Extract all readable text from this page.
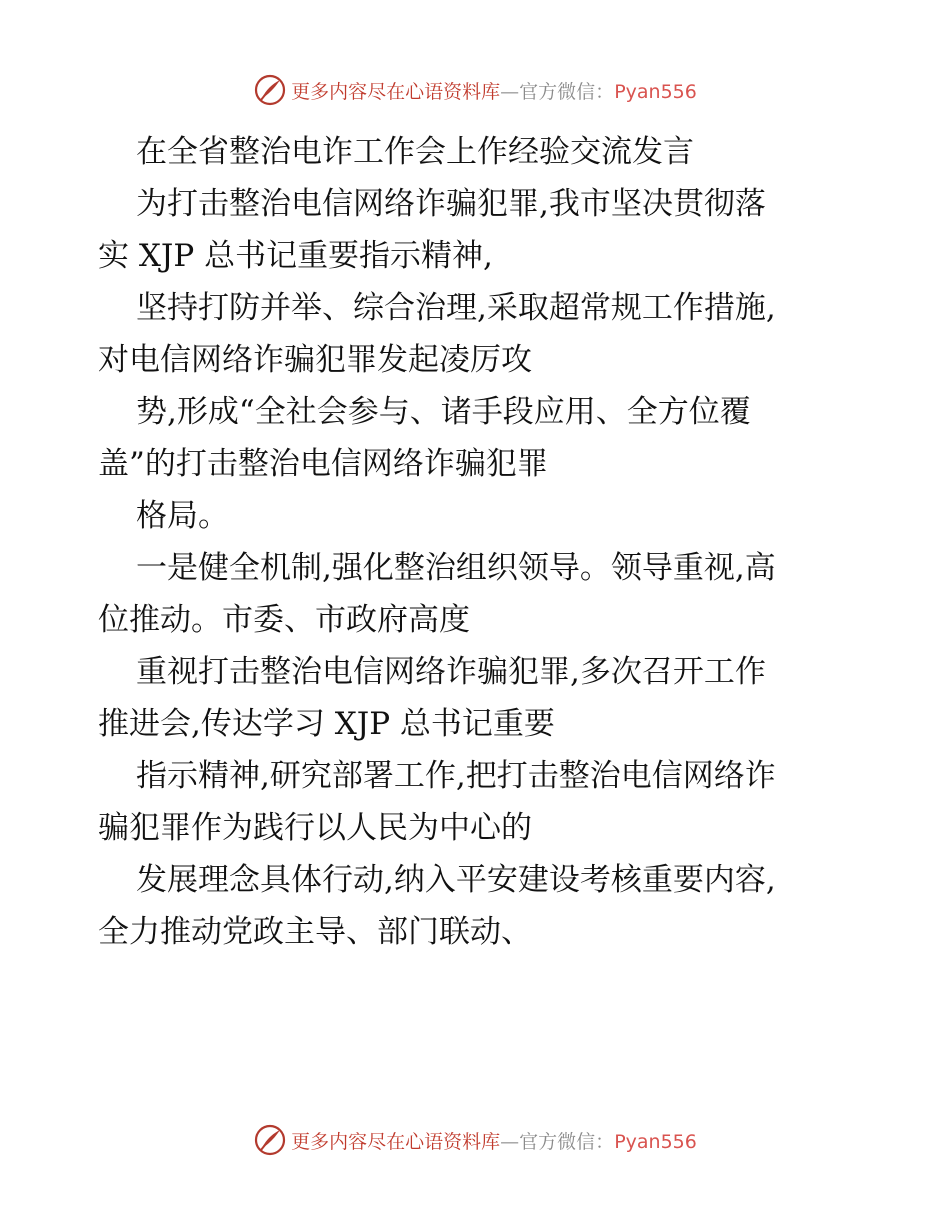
更多内容尽在心语资料库—官方微信：Pyan556
在全省整治电诈工作会上作经验交流发言
为打击整治电信网络诈骗犯罪,我市坚决贯彻落
实 XJP 总书记重要指示精神,
坚持打防并举、综合治理,采取超常规工作措施,
对电信网络诈骗犯罪发起凌厉攻
势,形成“全社会参与、诸手段应用、全方位覆
盖”的打击整治电信网络诈骗犯罪
格局。
一是健全机制,强化整治组织领导。领导重视,高
位推动。市委、市政府高度
重视打击整治电信网络诈骗犯罪,多次召开工作
推进会,传达学习 XJP 总书记重要
指示精神,研究部署工作,把打击整治电信网络诈
骗犯罪作为践行以人民为中心的
发展理念具体行动,纳入平安建设考核重要内容,
全力推动党政主导、部门联动、
更多内容尽在心语资料库—官方微信：Pyan556
